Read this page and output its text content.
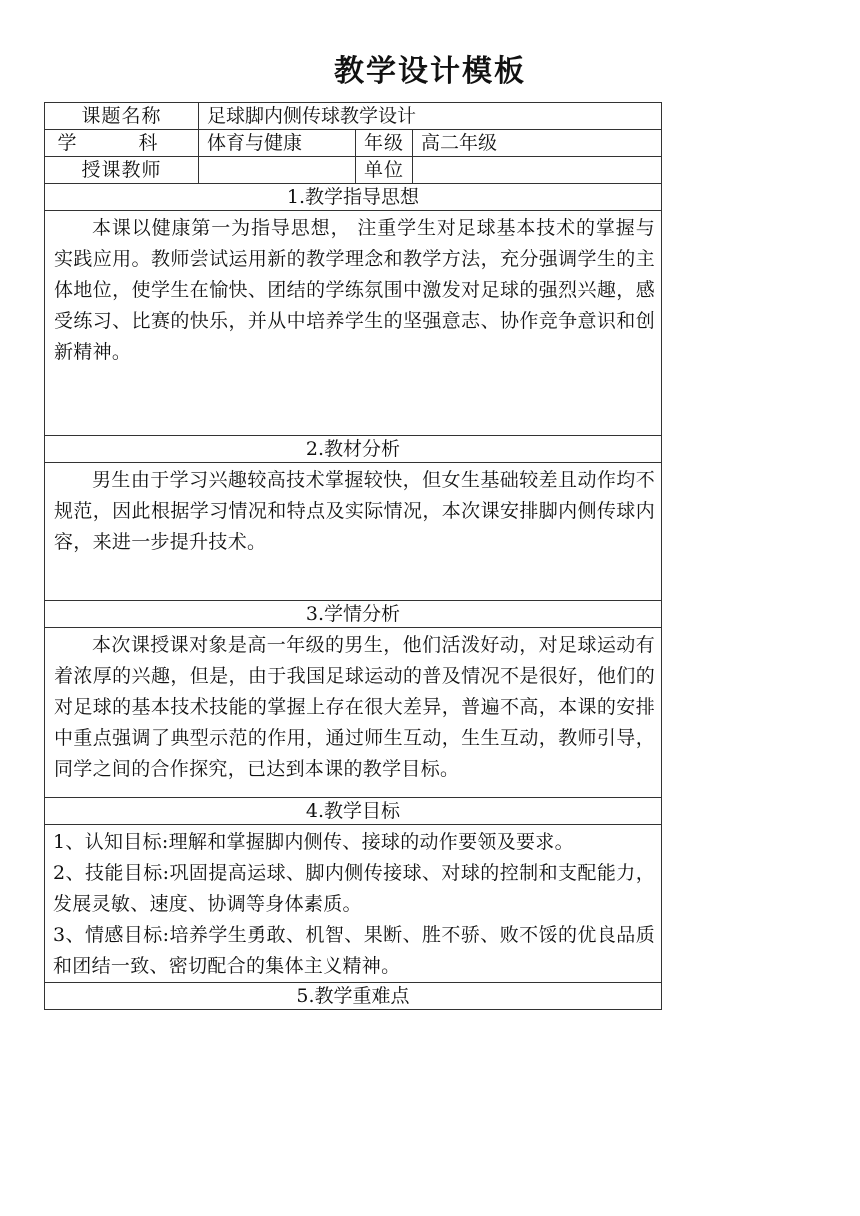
教学设计模板
课题名称	足球脚内侧传球教学设计		
学 科	体育与健康	年级	高二年级
授课教师		单位	
1.教学指导思想			

本课以健康第一为指导思想， 注重学生对足球基本技术的掌握与实践应用。教师尝试运用新的教学理念和教学方法，充分强调学生的主体地位，使学生在愉快、团结的学练氛围中激发对足球的强烈兴趣，感受练习、比赛的快乐，并从中培养学生的坚强意志、协作竞争意识和创新精神。			

2.教材分析			

男生由于学习兴趣较高技术掌握较快，但女生基础较差且动作均不规范，因此根据学习情况和特点及实际情况，本次课安排脚内侧传球内容，来进一步提升技术。			

3.学情分析			

本次课授课对象是高一年级的男生，他们活泼好动，对足球运动有着浓厚的兴趣，但是，由于我国足球运动的普及情况不是很好，他们的对足球的基本技术技能的掌握上存在很大差异，普遍不高，本课的安排中重点强调了典型示范的作用，通过师生互动，生生互动，教师引导，同学之间的合作探究，已达到本课的教学目标。			

4.教学目标			

1、认知目标:理解和掌握脚内侧传、接球的动作要领及要求。

2、技能目标:巩固提高运球、脚内侧传接球、对球的控制和支配能力，发展灵敏、速度、协调等身体素质。

3、情感目标:培养学生勇敢、机智、果断、胜不骄、败不馁的优良品质和团结一致、密切配合的集体主义精神。			

5.教学重难点			
